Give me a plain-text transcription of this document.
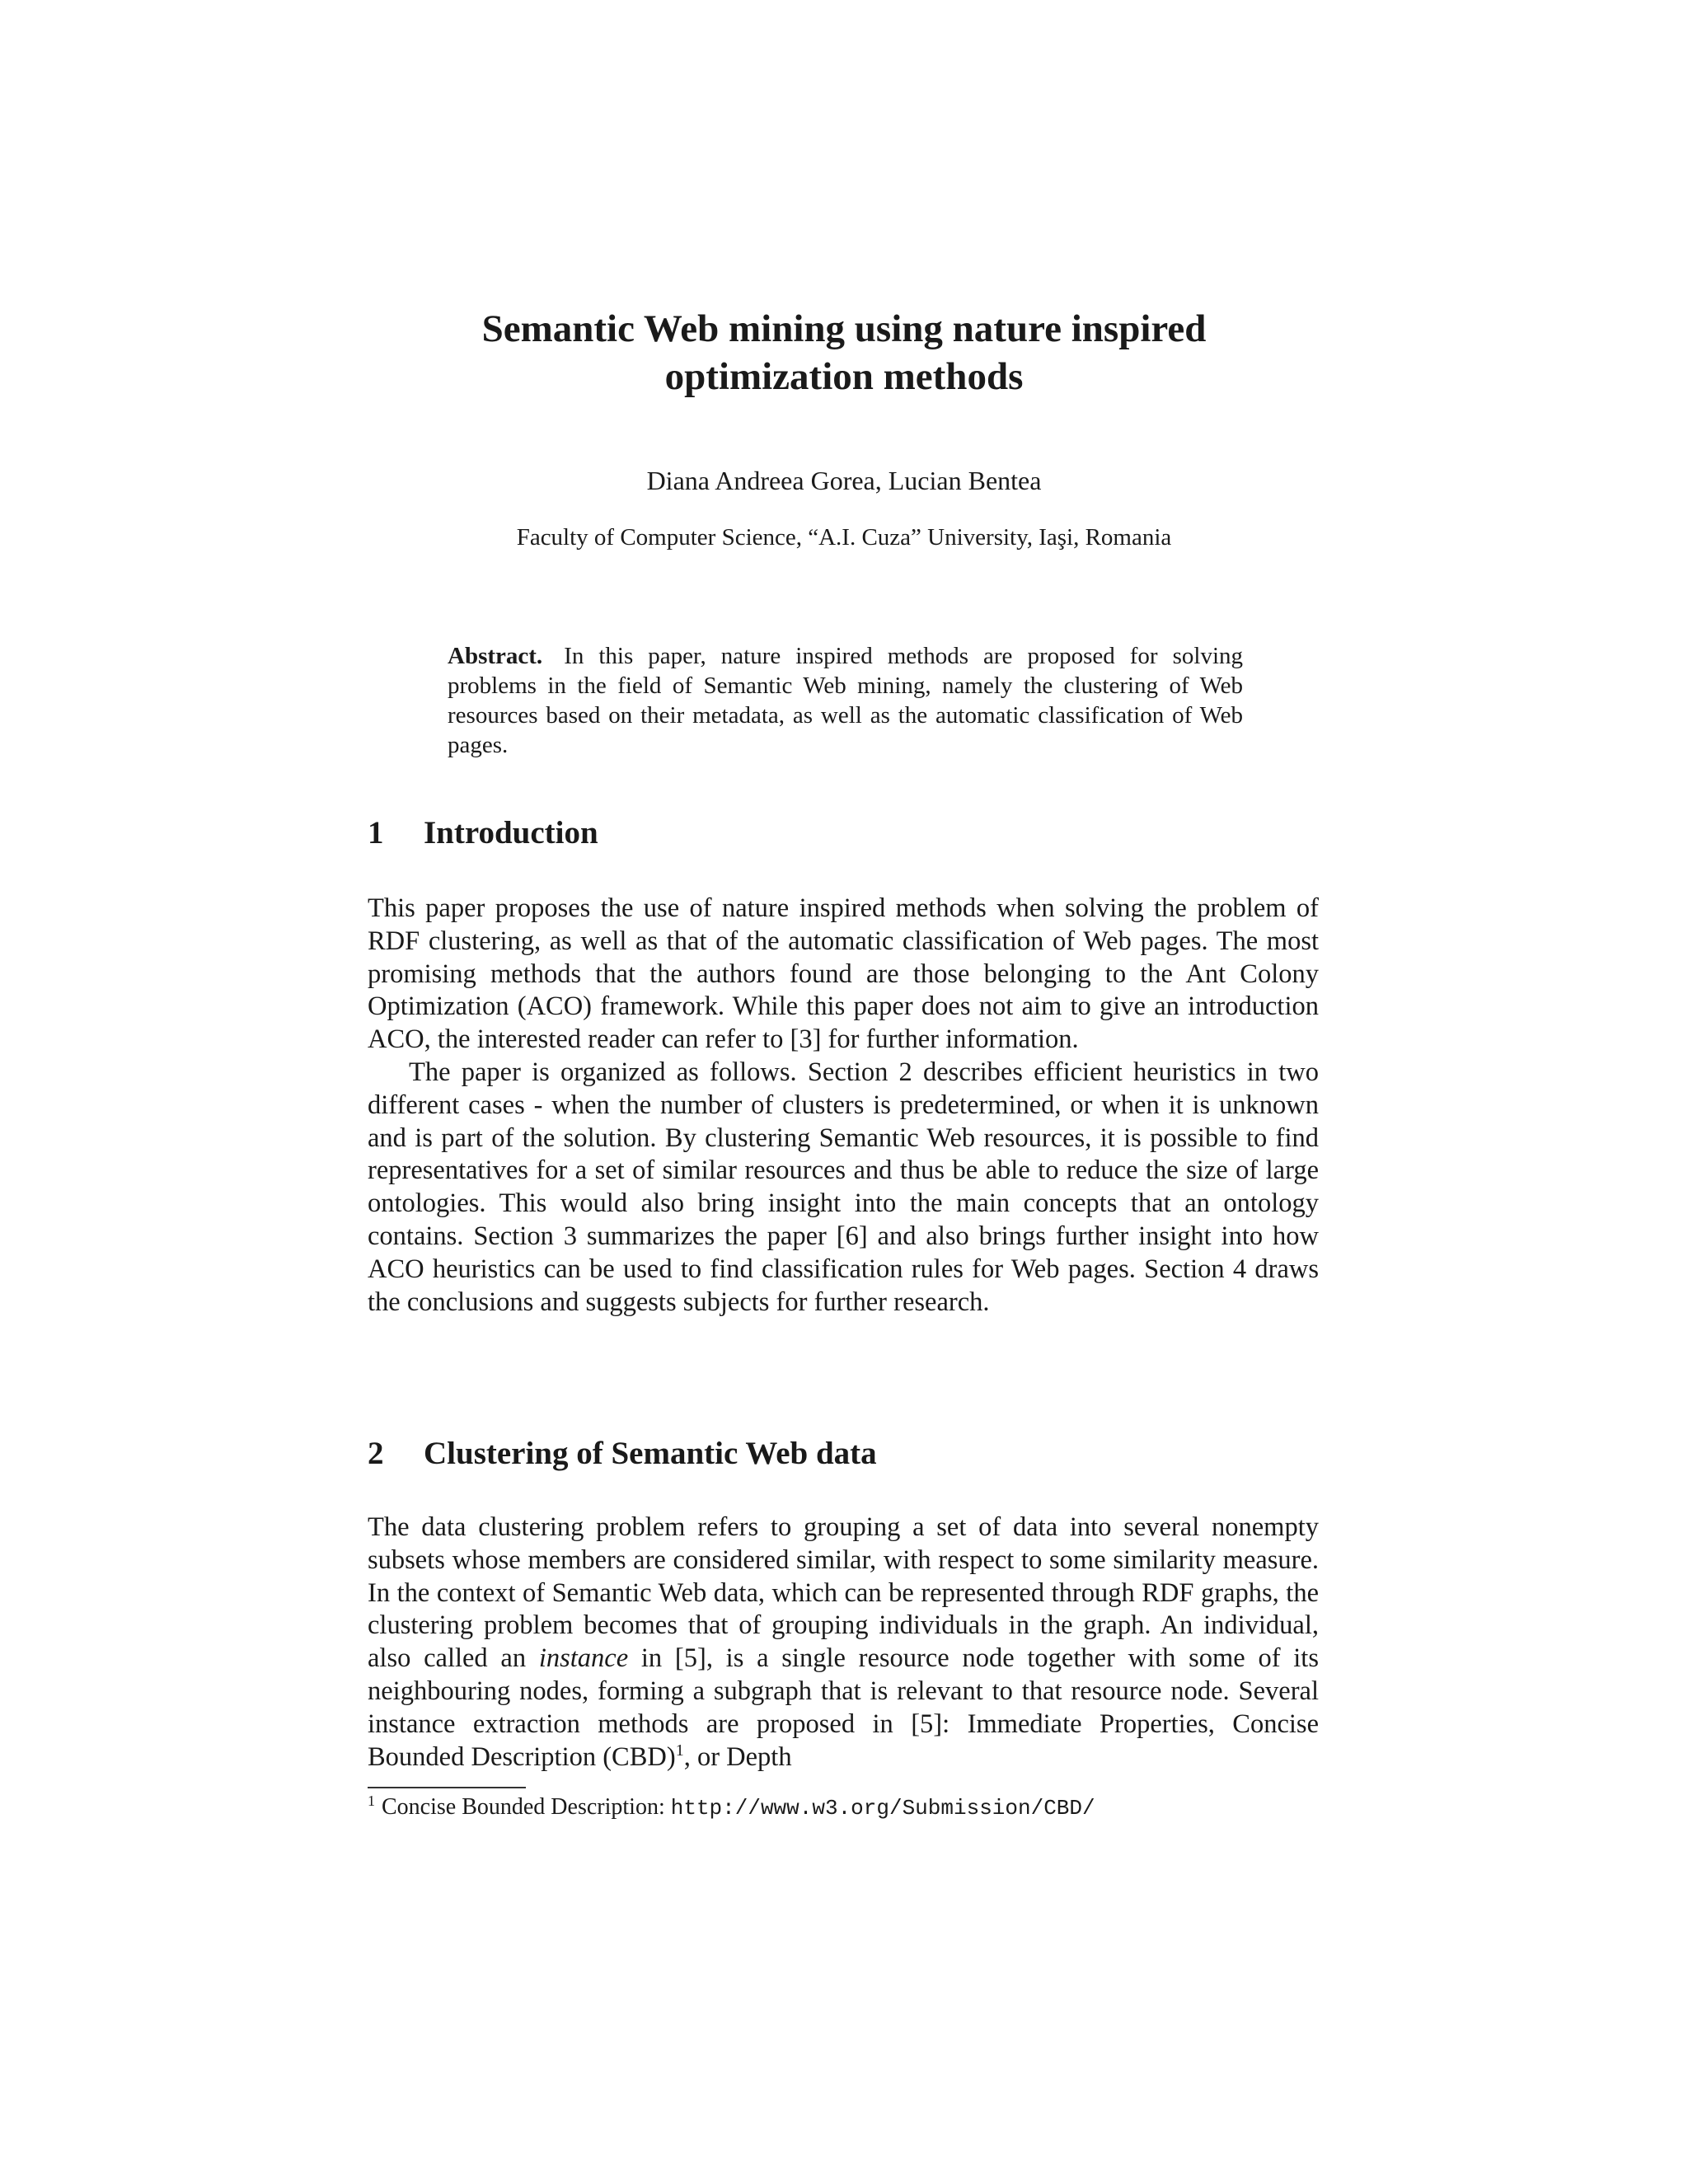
Semantic Web mining using nature inspired
optimization methods
Diana Andreea Gorea, Lucian Bentea
Faculty of Computer Science, “A.I. Cuza” University, Iaşi, Romania
Abstract. In this paper, nature inspired methods are proposed for solving problems in the field of Semantic Web mining, namely the clustering of Web resources based on their metadata, as well as the automatic classification of Web pages.
1 Introduction

This paper proposes the use of nature inspired methods when solving the problem of RDF clustering, as well as that of the automatic classification of Web pages. The most promising methods that the authors found are those belonging to the Ant Colony Optimization (ACO) framework. While this paper does not aim to give an introduction ACO, the interested reader can refer to [3] for further information.

The paper is organized as follows. Section 2 describes efficient heuristics in two different cases - when the number of clusters is predetermined, or when it is unknown and is part of the solution. By clustering Semantic Web resources, it is possible to find representatives for a set of similar resources and thus be able to reduce the size of large ontologies. This would also bring insight into the main concepts that an ontology contains. Section 3 summarizes the paper [6] and also brings further insight into how ACO heuristics can be used to find classification rules for Web pages. Section 4 draws the conclusions and suggests subjects for further research.

2 Clustering of Semantic Web data

The data clustering problem refers to grouping a set of data into several nonempty subsets whose members are considered similar, with respect to some similarity measure. In the context of Semantic Web data, which can be represented through RDF graphs, the clustering problem becomes that of grouping individuals in the graph. An individual, also called an instance in [5], is a single resource node together with some of its neighbouring nodes, forming a subgraph that is relevant to that resource node. Several instance extraction methods are proposed in [5]: Immediate Properties, Concise Bounded Description (CBD)$^1$, or Depth

$^1$ Concise Bounded Description: http://www.w3.org/Submission/CBD/
